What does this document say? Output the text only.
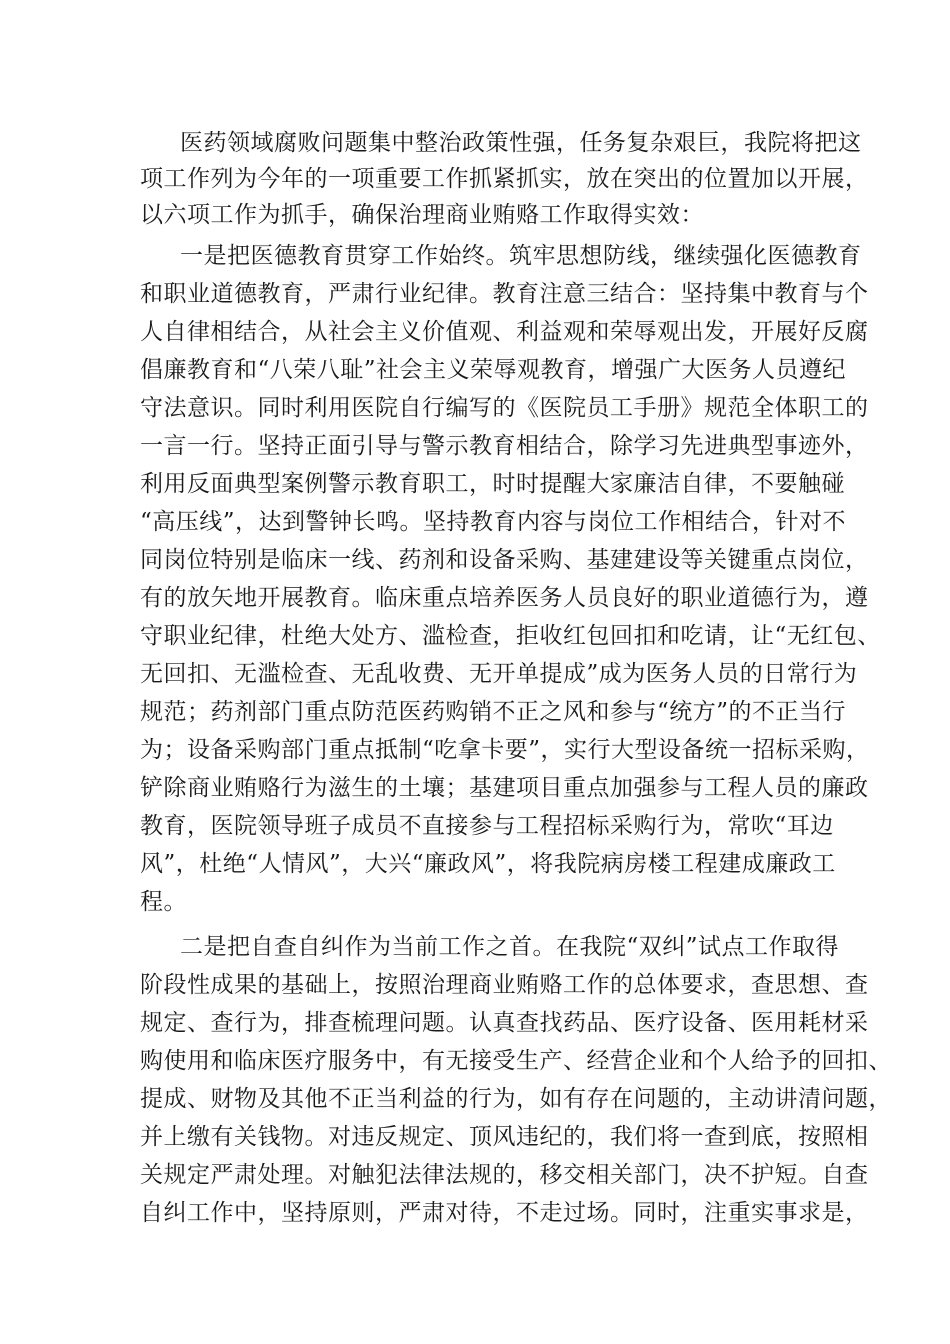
医药领域腐败问题集中整治政策性强，任务复杂艰巨，我院将把这
项工作列为今年的一项重要工作抓紧抓实，放在突出的位置加以开展，
以六项工作为抓手，确保治理商业贿赂工作取得实效：
一是把医德教育贯穿工作始终。筑牢思想防线，继续强化医德教育
和职业道德教育，严肃行业纪律。教育注意三结合：坚持集中教育与个
人自律相结合，从社会主义价值观、利益观和荣辱观出发，开展好反腐
倡廉教育和“八荣八耻”社会主义荣辱观教育，增强广大医务人员遵纪
守法意识。同时利用医院自行编写的《医院员工手册》规范全体职工的
一言一行。坚持正面引导与警示教育相结合，除学习先进典型事迹外，
利用反面典型案例警示教育职工，时时提醒大家廉洁自律，不要触碰
“高压线”，达到警钟长鸣。坚持教育内容与岗位工作相结合，针对不
同岗位特别是临床一线、药剂和设备采购、基建建设等关键重点岗位，
有的放矢地开展教育。临床重点培养医务人员良好的职业道德行为，遵
守职业纪律，杜绝大处方、滥检查，拒收红包回扣和吃请，让“无红包、
无回扣、无滥检查、无乱收费、无开单提成”成为医务人员的日常行为
规范；药剂部门重点防范医药购销不正之风和参与“统方”的不正当行
为；设备采购部门重点抵制“吃拿卡要”，实行大型设备统一招标采购，
铲除商业贿赂行为滋生的土壤；基建项目重点加强参与工程人员的廉政
教育，医院领导班子成员不直接参与工程招标采购行为，常吹“耳边
风”，杜绝“人情风”，大兴“廉政风”，将我院病房楼工程建成廉政工
程。
二是把自查自纠作为当前工作之首。在我院“双纠”试点工作取得
阶段性成果的基础上，按照治理商业贿赂工作的总体要求，查思想、查
规定、查行为，排查梳理问题。认真查找药品、医疗设备、医用耗材采
购使用和临床医疗服务中，有无接受生产、经营企业和个人给予的回扣、
提成、财物及其他不正当利益的行为，如有存在问题的，主动讲清问题，
并上缴有关钱物。对违反规定、顶风违纪的，我们将一查到底，按照相
关规定严肃处理。对触犯法律法规的，移交相关部门，决不护短。自查
自纠工作中，坚持原则，严肃对待，不走过场。同时，注重实事求是，
